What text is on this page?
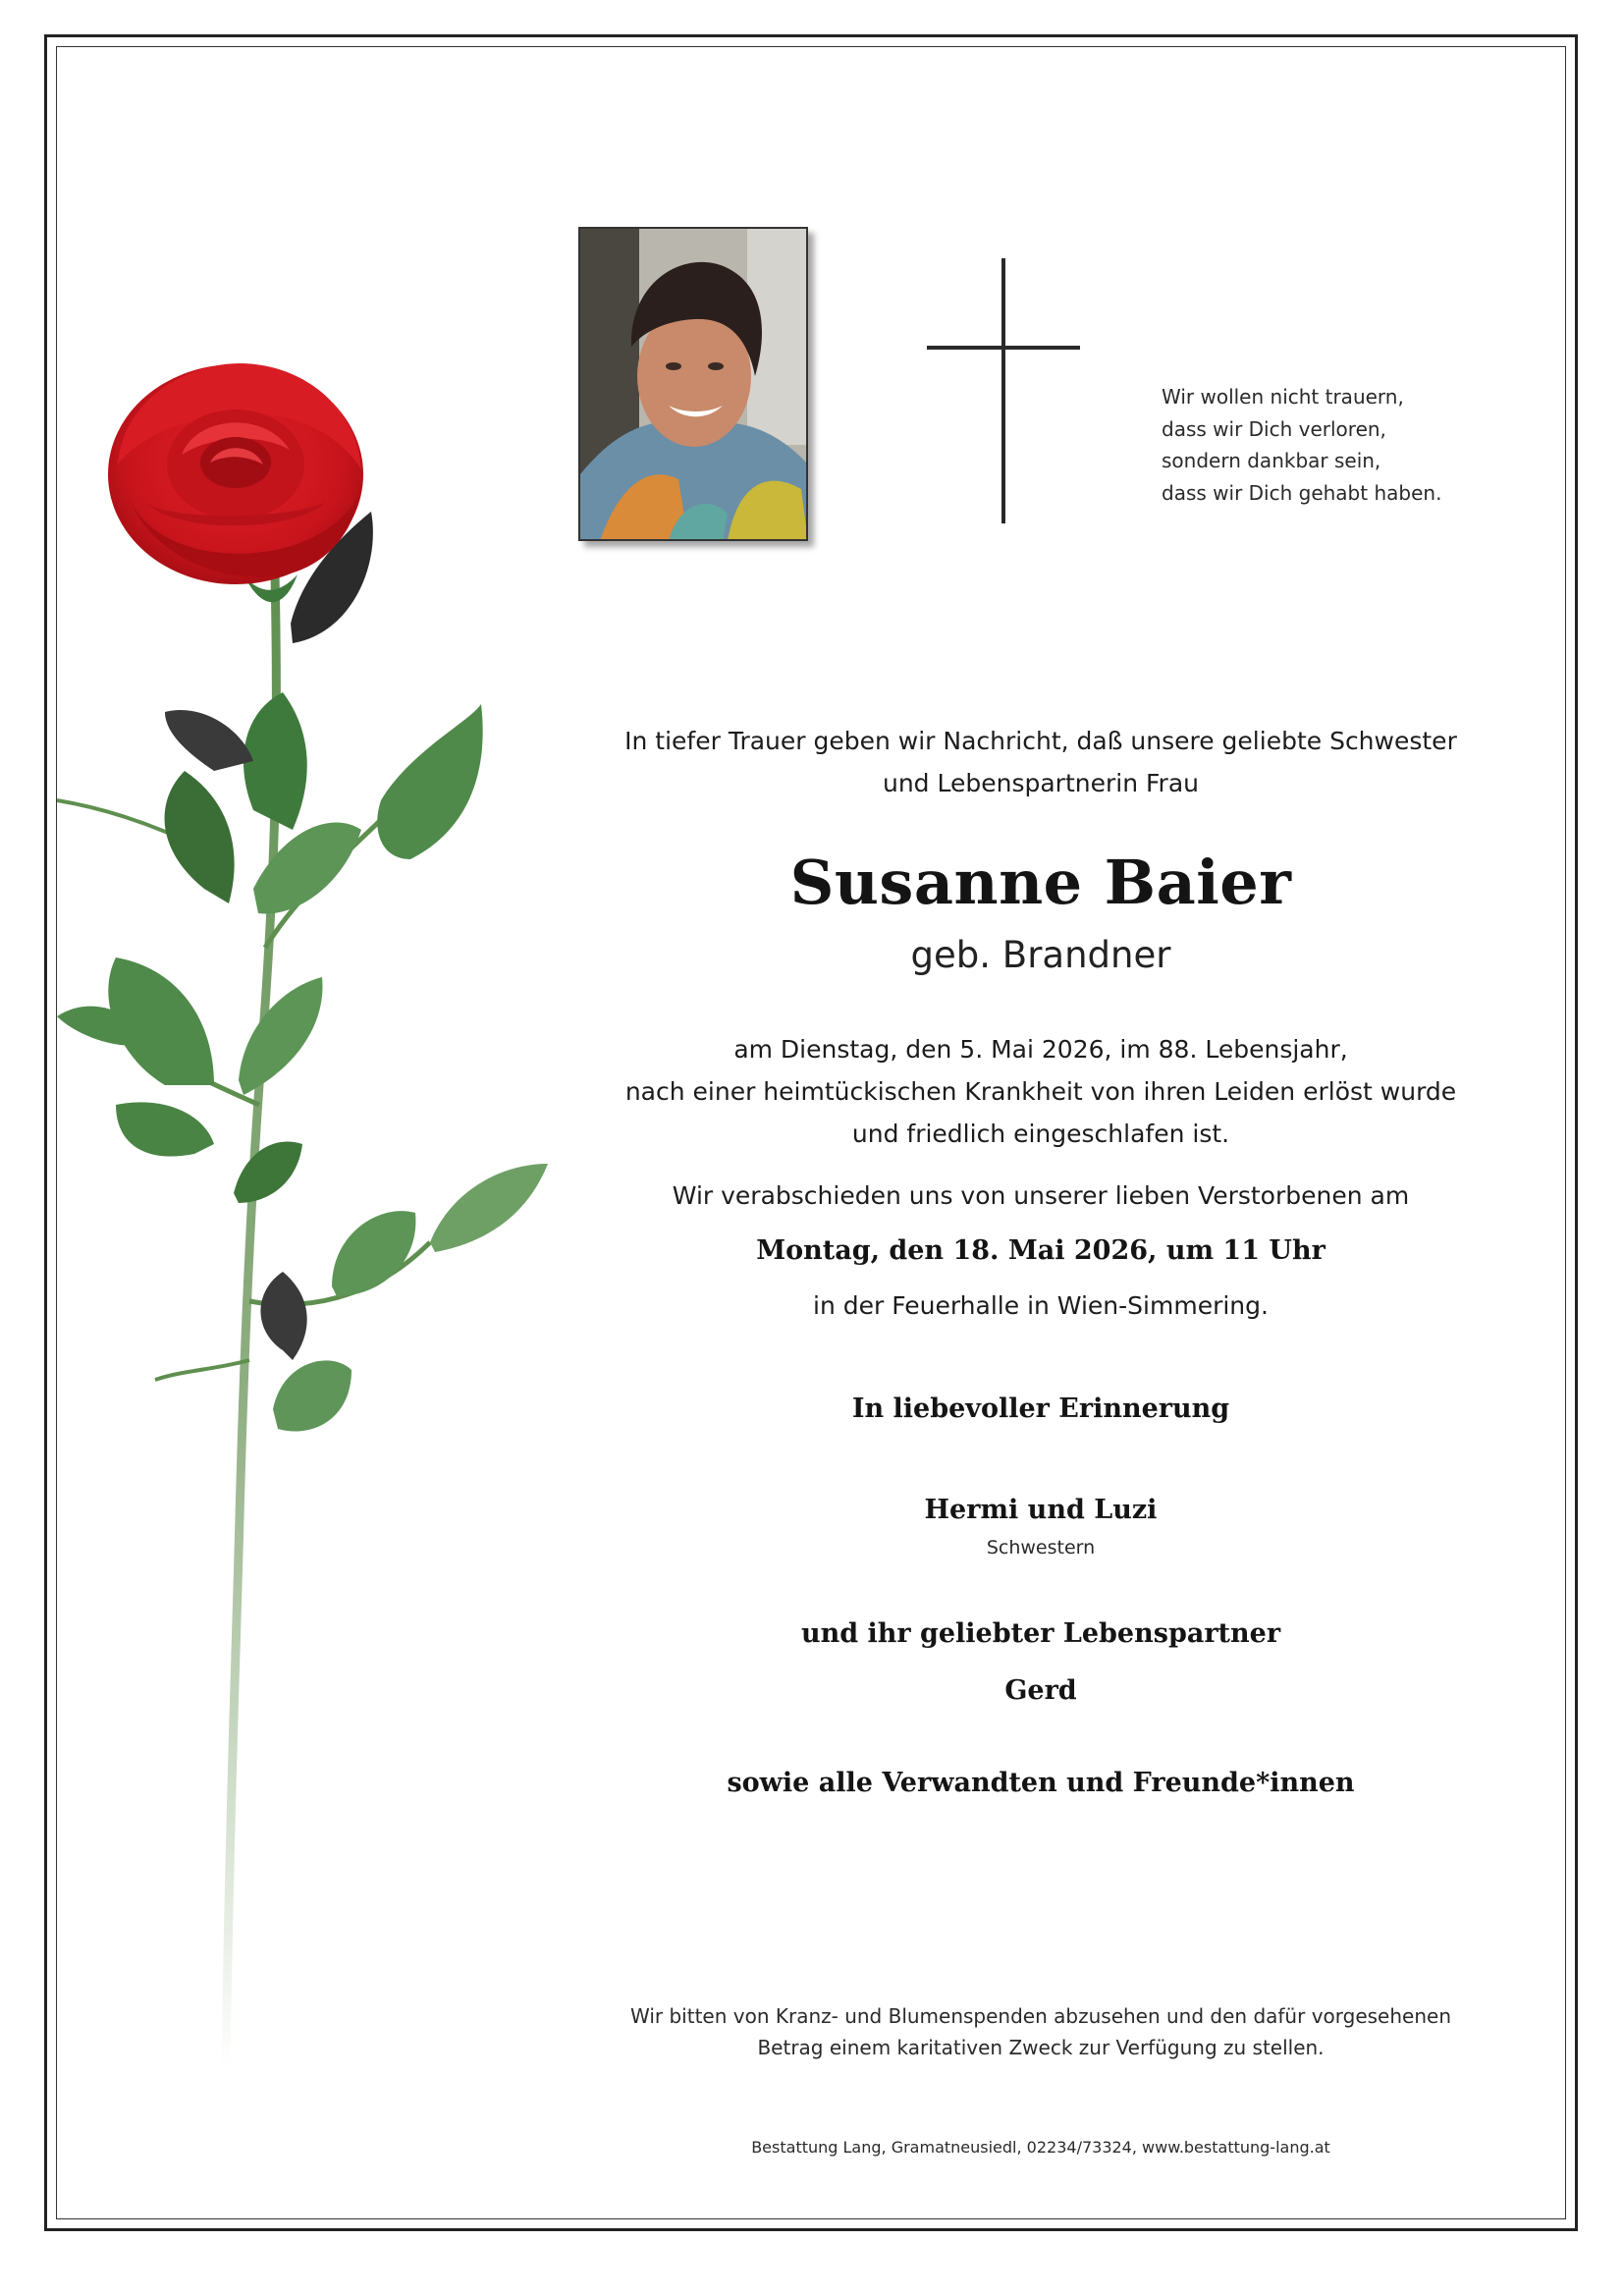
Wir wollen nicht trauern,
dass wir Dich verloren,
sondern dankbar sein,
dass wir Dich gehabt haben.
In tiefer Trauer geben wir Nachricht, daß unsere geliebte Schwester
und Lebenspartnerin Frau
Susanne Baier
geb. Brandner
am Dienstag, den 5. Mai 2026, im 88. Lebensjahr,
nach einer heimtückischen Krankheit von ihren Leiden erlöst wurde
und friedlich eingeschlafen ist.
Wir verabschieden uns von unserer lieben Verstorbenen am
Montag, den 18. Mai 2026, um 11 Uhr
in der Feuerhalle in Wien-Simmering.
In liebevoller Erinnerung
Hermi und Luzi
Schwestern
und ihr geliebter Lebenspartner
Gerd
sowie alle Verwandten und Freunde*innen
Wir bitten von Kranz- und Blumenspenden abzusehen und den dafür vorgesehenen
Betrag einem karitativen Zweck zur Verfügung zu stellen.
Bestattung Lang, Gramatneusiedl, 02234/73324, www.bestattung-lang.at
